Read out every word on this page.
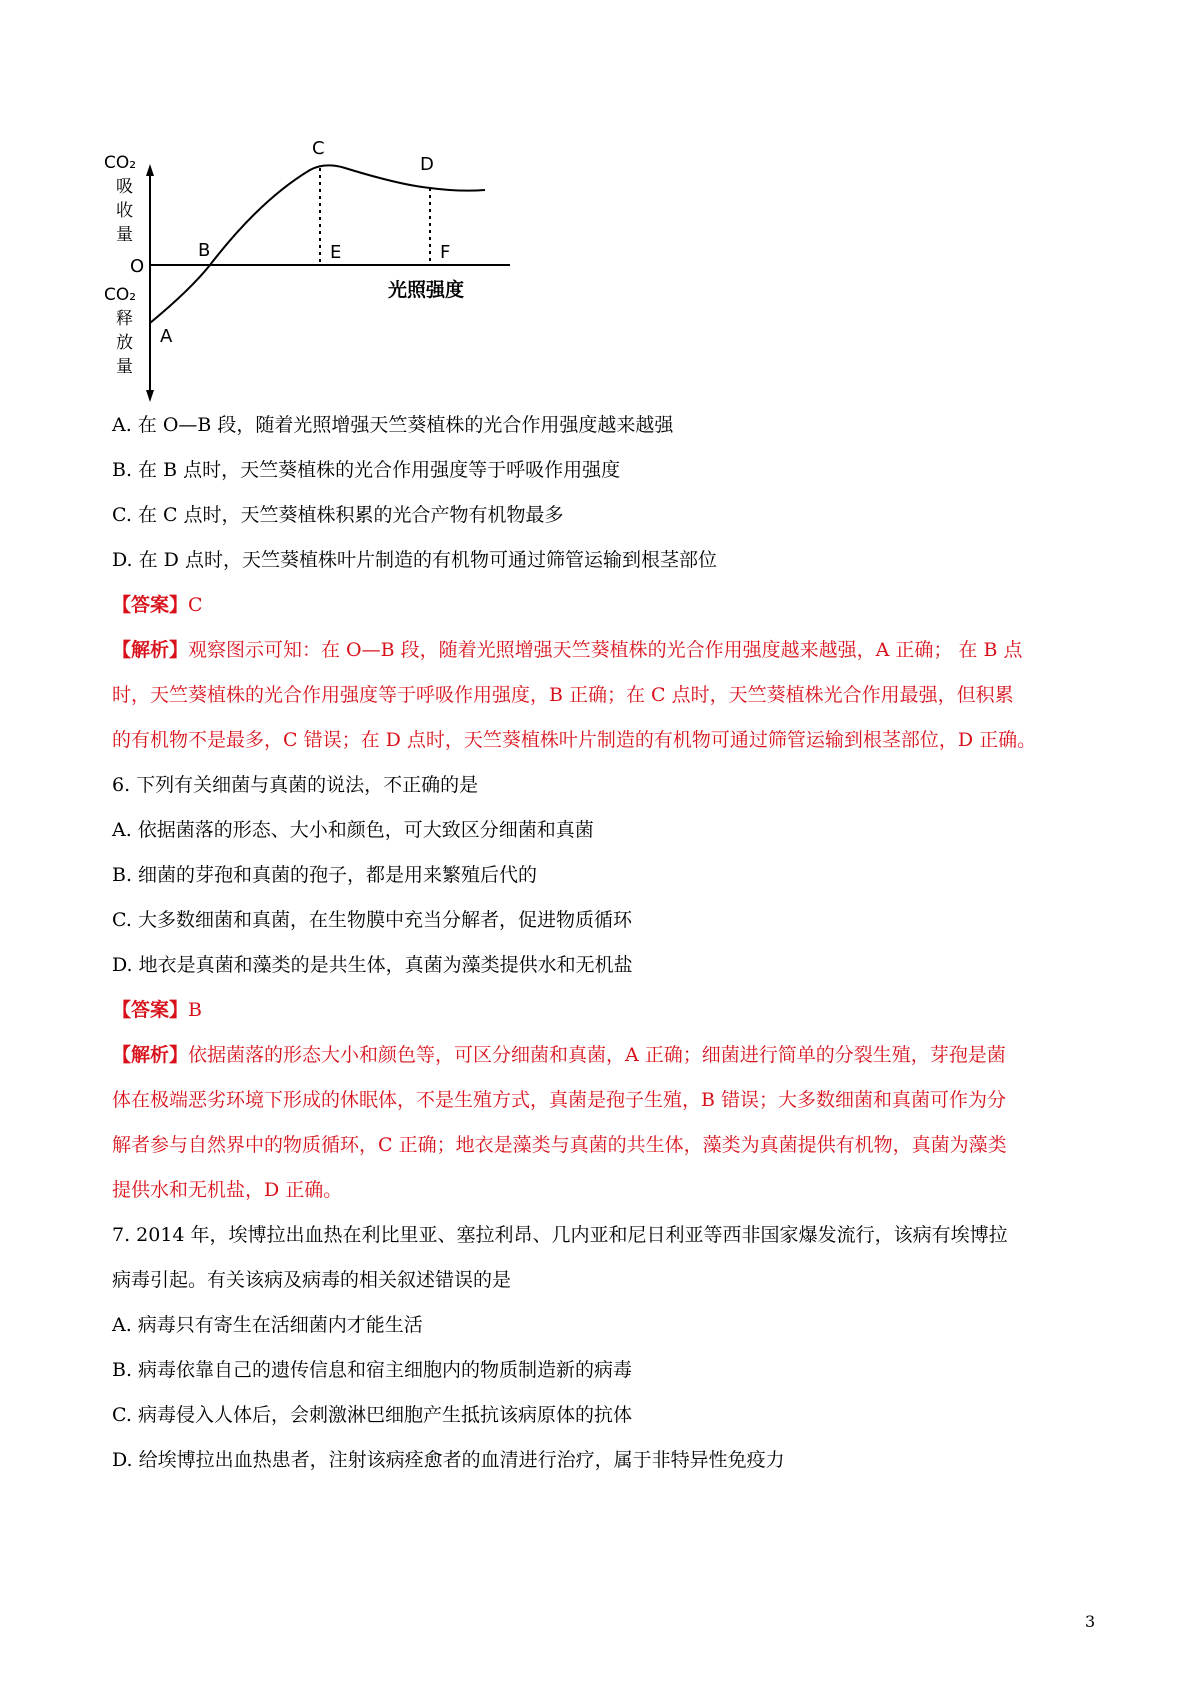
CO₂
吸
收
量
O
CO₂
释
放
量
A
B
C
D
E	F
光照强度
A. 在 O—B 段，随着光照增强天竺葵植株的光合作用强度越来越强
B. 在 B 点时，天竺葵植株的光合作用强度等于呼吸作用强度
C. 在 C 点时，天竺葵植株积累的光合产物有机物最多
D. 在 D 点时，天竺葵植株叶片制造的有机物可通过筛管运输到根茎部位
【答案】C
【解析】观察图示可知：在 O—B 段，随着光照增强天竺葵植株的光合作用强度越来越强，A 正确； 在 B 点
时，天竺葵植株的光合作用强度等于呼吸作用强度，B 正确；在 C 点时，天竺葵植株光合作用最强，但积累
的有机物不是最多，C 错误；在 D 点时，天竺葵植株叶片制造的有机物可通过筛管运输到根茎部位，D 正确。
6. 下列有关细菌与真菌的说法，不正确的是
A. 依据菌落的形态、大小和颜色，可大致区分细菌和真菌
B. 细菌的芽孢和真菌的孢子，都是用来繁殖后代的
C. 大多数细菌和真菌，在生物膜中充当分解者，促进物质循环
D. 地衣是真菌和藻类的是共生体，真菌为藻类提供水和无机盐
【答案】B
【解析】依据菌落的形态大小和颜色等，可区分细菌和真菌，A 正确；细菌进行简单的分裂生殖，芽孢是菌
体在极端恶劣环境下形成的休眠体，不是生殖方式，真菌是孢子生殖，B 错误；大多数细菌和真菌可作为分
解者参与自然界中的物质循环，C 正确；地衣是藻类与真菌的共生体，藻类为真菌提供有机物，真菌为藻类
提供水和无机盐，D 正确。
7. 2014 年，埃博拉出血热在利比里亚、塞拉利昂、几内亚和尼日利亚等西非国家爆发流行，该病有埃博拉
病毒引起。有关该病及病毒的相关叙述错误的是
A. 病毒只有寄生在活细菌内才能生活
B. 病毒依靠自己的遗传信息和宿主细胞内的物质制造新的病毒
C. 病毒侵入人体后，会刺激淋巴细胞产生抵抗该病原体的抗体
D. 给埃博拉出血热患者，注射该病痊愈者的血清进行治疗，属于非特异性免疫力
3
